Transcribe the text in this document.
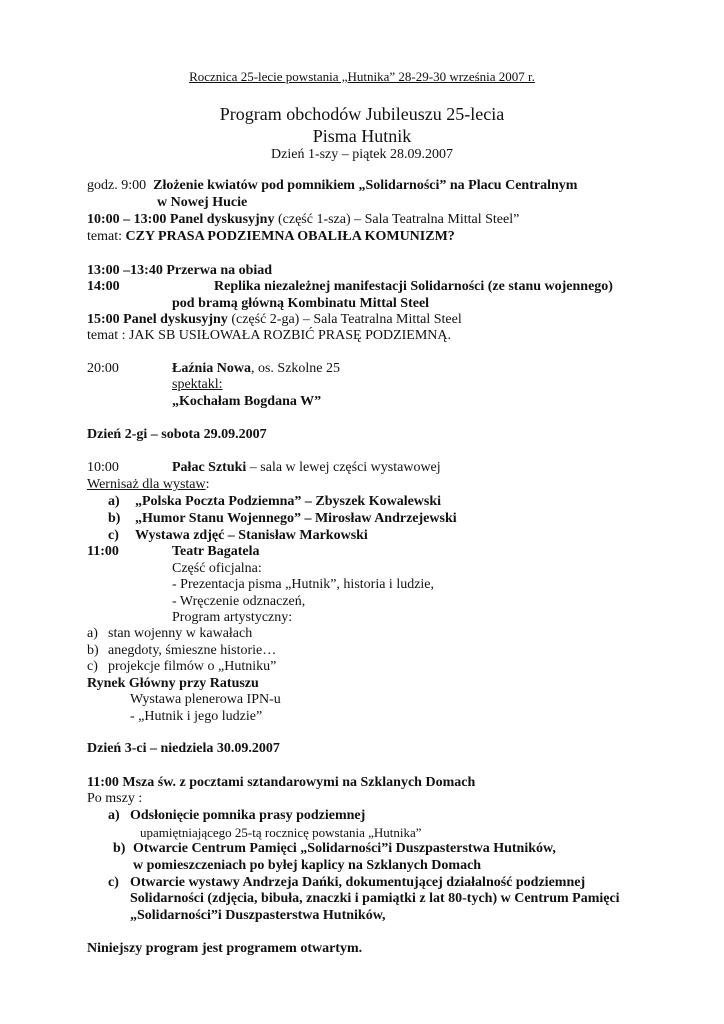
Rocznica 25-lecie powstania „Hutnika” 28-29-30 września 2007 r.
Program obchodów Jubileuszu 25-lecia
Pisma Hutnik
Dzień 1-szy – piątek 28.09.2007
godz. 9:00 Złożenie kwiatów pod pomnikiem „Solidarności” na Placu Centralnym
w Nowej Hucie
10:00 – 13:00 Panel dyskusyjny (część 1-sza) – Sala Teatralna Mittal Steel”
temat: CZY PRASA PODZIEMNA OBALIŁA KOMUNIZM?
13:00 –13:40 Przerwa na obiad
14:00	Replika niezależnej manifestacji Solidarności (ze stanu wojennego)
pod bramą główną Kombinatu Mittal Steel
15:00 Panel dyskusyjny (część 2-ga) – Sala Teatralna Mittal Steel
temat : JAK SB USIŁOWAŁA ROZBIĆ PRASĘ PODZIEMNĄ.
20:00	Łaźnia Nowa, os. Szkolne 25
spektakl:
„Kochałam Bogdana W”
Dzień 2-gi – sobota 29.09.2007
10:00	Pałac Sztuki – sala w lewej części wystawowej
Wernisaż dla wystaw:
a) „Polska Poczta Podziemna” – Zbyszek Kowalewski
b) „Humor Stanu Wojennego” – Mirosław Andrzejewski
c) Wystawa zdjęć – Stanisław Markowski
11:00	Teatr Bagatela
Część oficjalna:
- Prezentacja pisma „Hutnik”, historia i ludzie,
- Wręczenie odznaczeń,
Program artystyczny:
a) stan wojenny w kawałach
b) anegdoty, śmieszne historie…
c) projekcje filmów o „Hutniku”
Rynek Główny przy Ratuszu
Wystawa plenerowa IPN-u
- „Hutnik i jego ludzie”
Dzień 3-ci – niedziela 30.09.2007
11:00 Msza św. z pocztami sztandarowymi na Szklanych Domach
Po mszy :
a) Odsłonięcie pomnika prasy podziemnej
upamiętniającego 25-tą rocznicę powstania „Hutnika”
b) Otwarcie Centrum Pamięci „Solidarności”i Duszpasterstwa Hutników,
w pomieszczeniach po byłej kaplicy na Szklanych Domach
c) Otwarcie wystawy Andrzeja Dańki, dokumentującej działalność podziemnej
Solidarności (zdjęcia, bibuła, znaczki i pamiątki z lat 80-tych) w Centrum Pamięci
„Solidarności”i Duszpasterstwa Hutników,
Niniejszy program jest programem otwartym.
